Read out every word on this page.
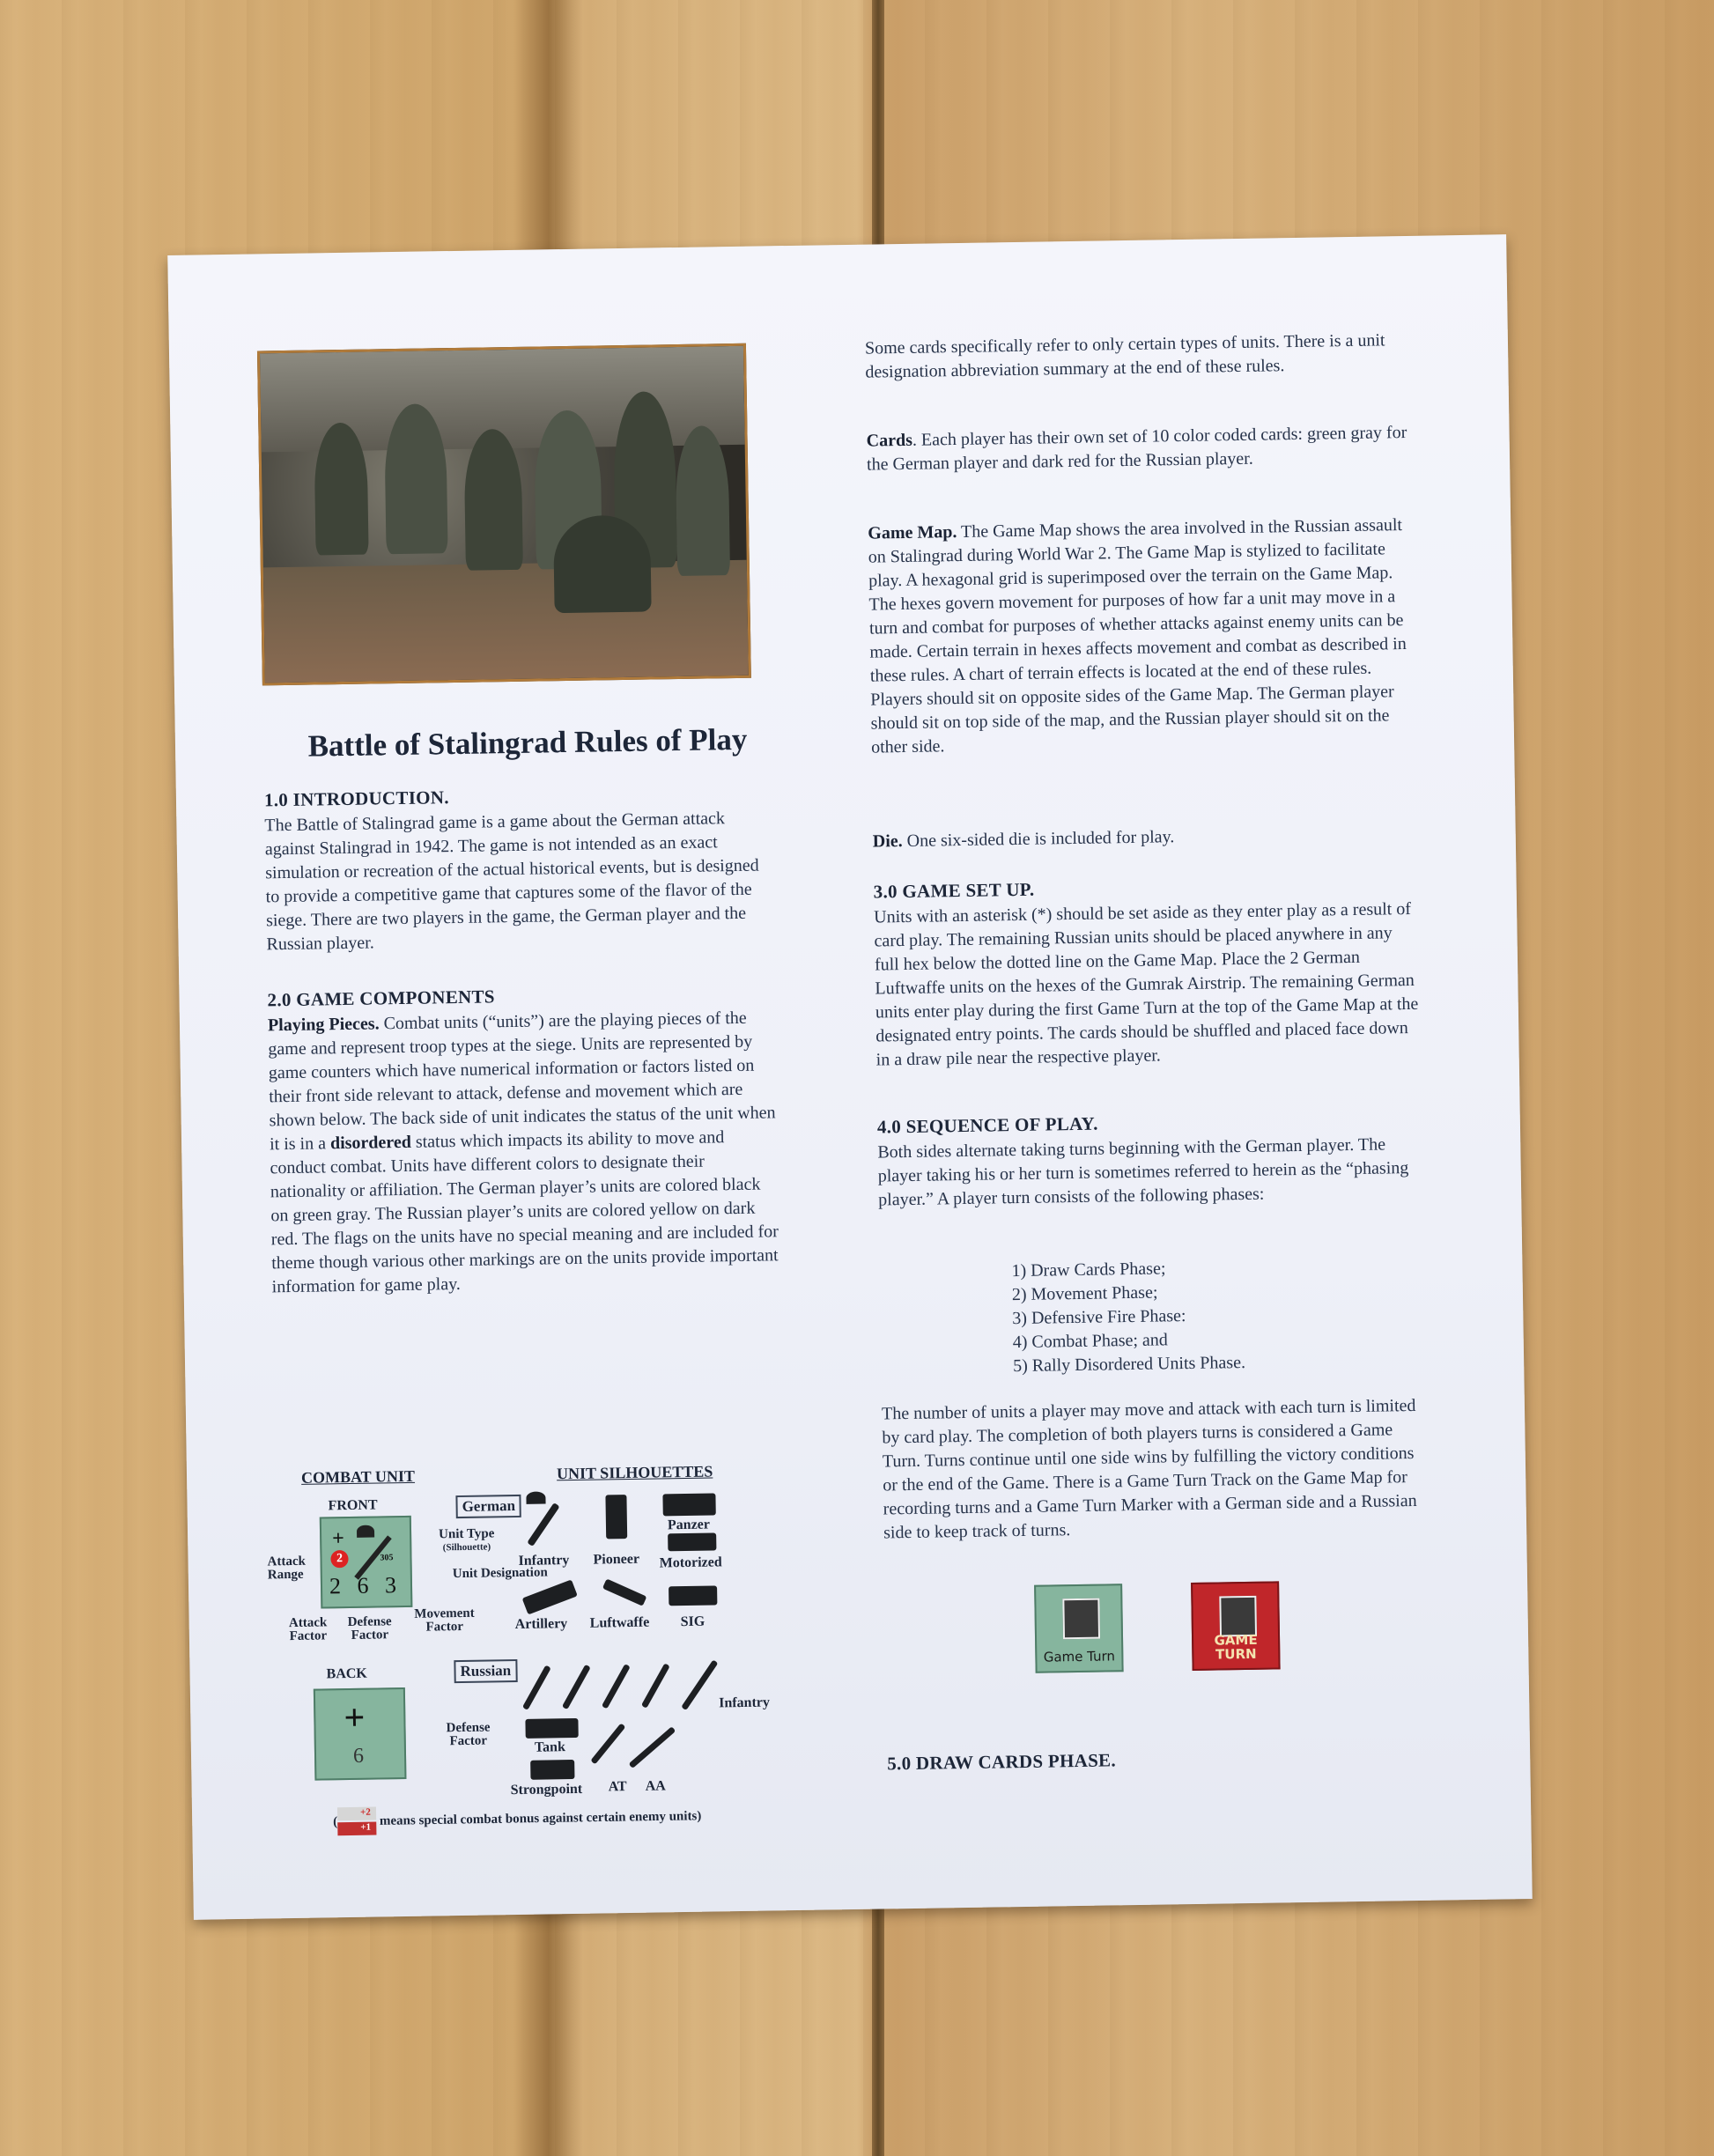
Battle of Stalingrad Rules of Play

1.0 INTRODUCTION.

The Battle of Stalingrad game is a game about the German attack against Stalingrad in 1942. The game is not intended as an exact simulation or recreation of the actual historical events, but is designed to provide a competitive game that captures some of the flavor of the siege. There are two players in the game, the German player and the Russian player.

2.0 GAME COMPONENTS

Playing Pieces. Combat units (“units”) are the playing pieces of the game and represent troop types at the siege. Units are represented by game counters which have numerical information or factors listed on their front side relevant to attack, defense and movement which are shown below. The back side of unit indicates the status of the unit when it is in a disordered status which impacts its ability to move and conduct combat. Units have different colors to designate their nationality or affiliation. The German player’s units are colored black on green gray. The Russian player’s units are colored yellow on dark red. The flags on the units have no special meaning and are included for theme though various other markings are on the units provide important information for game play.

COMBAT UNIT
FRONT
+
2	305
2 6 3
Unit Type
(Silhouette)
Unit Designation
Attack Range
Attack Factor
Defense Factor
Movement Factor
BACK
+
6
Defense Factor
UNIT SILHOUETTES
German
Russian
Infantry Pioneer
Panzer
Motorized
Artillery Luftwaffe SIG
Infantry
Tank
Strongpoint AT AA
(
+2
+1 means special combat bonus against certain enemy units)

Some cards specifically refer to only certain types of units. There is a unit designation abbreviation summary at the end of these rules.

Cards. Each player has their own set of 10 color coded cards: green gray for the German player and dark red for the Russian player.

Game Map. The Game Map shows the area involved in the Russian assault on Stalingrad during World War 2. The Game Map is stylized to facilitate play. A hexagonal grid is superimposed over the terrain on the Game Map. The hexes govern movement for purposes of how far a unit may move in a turn and combat for purposes of whether attacks against enemy units can be made. Certain terrain in hexes affects movement and combat as described in these rules. A chart of terrain effects is located at the end of these rules. Players should sit on opposite sides of the Game Map. The German player should sit on top side of the map, and the Russian player should sit on the other side.

Die. One six-sided die is included for play.

3.0 GAME SET UP.

Units with an asterisk (*) should be set aside as they enter play as a result of card play. The remaining Russian units should be placed anywhere in any full hex below the dotted line on the Game Map. Place the 2 German Luftwaffe units on the hexes of the Gumrak Airstrip. The remaining German units enter play during the first Game Turn at the top of the Game Map at the designated entry points. The cards should be shuffled and placed face down in a draw pile near the respective player.

4.0 SEQUENCE OF PLAY.

Both sides alternate taking turns beginning with the German player. The player taking his or her turn is sometimes referred to herein as the “phasing player.” A player turn consists of the following phases:

1) Draw Cards Phase;
2) Movement Phase;
3) Defensive Fire Phase:
4) Combat Phase; and
5) Rally Disordered Units Phase.

The number of units a player may move and attack with each turn is limited by card play. The completion of both players turns is considered a Game Turn. Turns continue until one side wins by fulfilling the victory conditions or the end of the Game. There is a Game Turn Track on the Game Map for recording turns and a Game Turn Marker with a German side and a Russian side to keep track of turns.

Game Turn
GAME TURN

5.0 DRAW CARDS PHASE.
